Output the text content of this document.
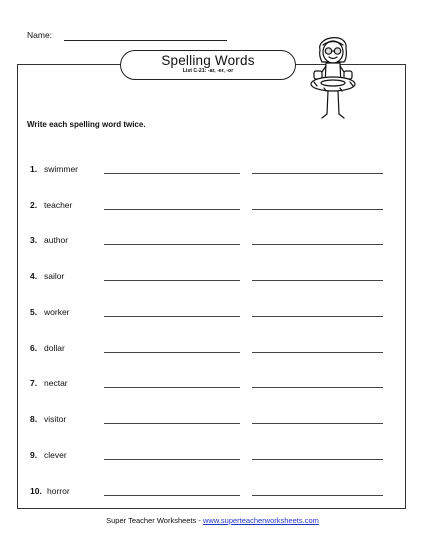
Name:
Spelling Words
List C-21: -ar, -er, -or
Write each spelling word twice.
1. swimmer
2. teacher
3. author
4. sailor
5. worker
6. dollar
7. nectar
8. visitor
9. clever
10. horror
Super Teacher Worksheets - www.superteacherworksheets.com
